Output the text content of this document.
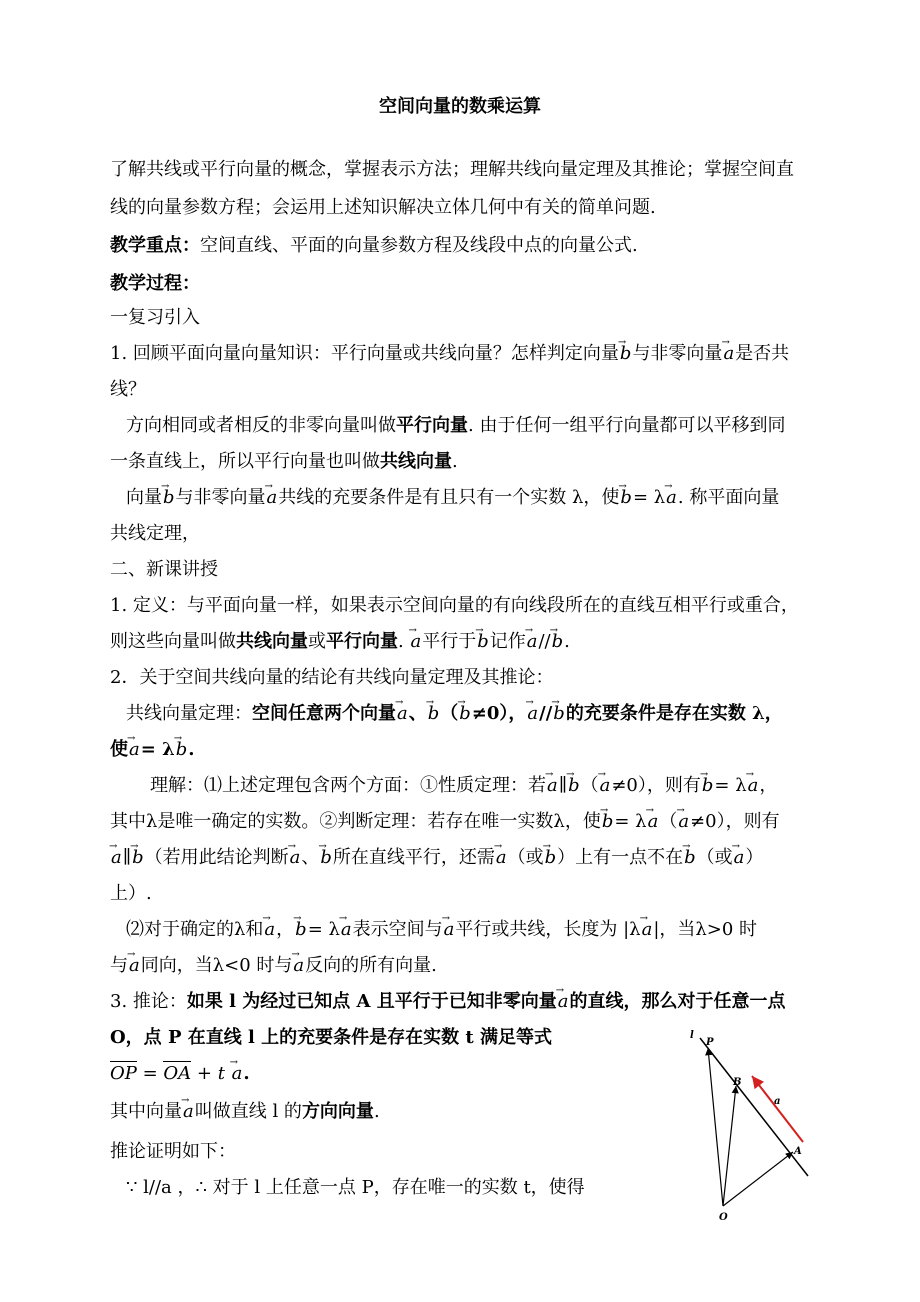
空间向量的数乘运算
了解共线或平行向量的概念，掌握表示方法；理解共线向量定理及其推论；掌握空间直
线的向量参数方程；会运用上述知识解决立体几何中有关的简单问题.
教学重点：空间直线、平面的向量参数方程及线段中点的向量公式.
教学过程：
一复习引入
1. 回顾平面向量向量知识：平行向量或共线向量？怎样判定向量→ b与非零向量→ a是否共
线？
方向相同或者相反的非零向量叫做平行向量. 由于任何一组平行向量都可以平移到同
一条直线上，所以平行向量也叫做共线向量.
向量→ b与非零向量→ a共线的充要条件是有且只有一个实数 λ，使→ b= λ→ a. 称平面向量
共线定理，
二、新课讲授
1. 定义：与平面向量一样，如果表示空间向量的有向线段所在的直线互相平行或重合，
则这些向量叫做共线向量或平行向量. → a平行于→ b记作→ a//→ b.
2．关于空间共线向量的结论有共线向量定理及其推论：
共线向量定理：空间任意两个向量→ a、→ b（→ b≠0），→ a//→ b的充要条件是存在实数 λ，
使→ a= λ→ b.
理解：⑴上述定理包含两个方面：①性质定理：若→ a∥→ b（→ a≠0），则有→ b= λ→ a，
其中λ是唯一确定的实数。②判断定理：若存在唯一实数λ，使→ b= λ→ a（→ a≠0），则有
→ a∥→ b（若用此结论判断→ a、→ b所在直线平行，还需→ a（或→ b）上有一点不在→ b（或→ a）
上）.
⑵对于确定的λ和→ a，→ b= λ→ a表示空间与→ a平行或共线，长度为 |λ→ a|，当λ>0 时
与→ a同向，当λ<0 时与→ a反向的所有向量.
3. 推论：如果 l 为经过已知点 A 且平行于已知非零向量→ a的直线，那么对于任意一点
O，点 P 在直线 l 上的充要条件是存在实数 t 满足等式
OP = OA + t → a.
其中向量→ a叫做直线 l 的方向向量.
推论证明如下：
∵ l//a ，∴ 对于 l 上任意一点 P，存在唯一的实数 t，使得
l
P
B
a
A
O
